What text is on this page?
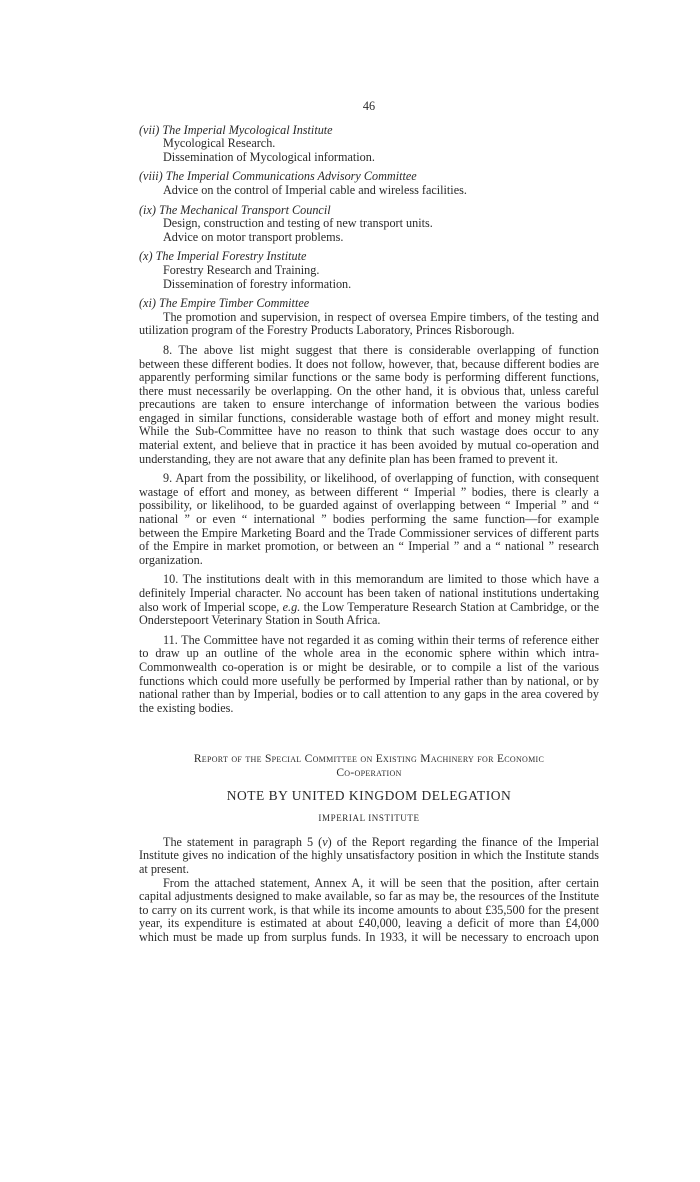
46
(vii) The Imperial Mycological Institute
Mycological Research.
Dissemination of Mycological information.
(viii) The Imperial Communications Advisory Committee
Advice on the control of Imperial cable and wireless facilities.
(ix) The Mechanical Transport Council
Design, construction and testing of new transport units.
Advice on motor transport problems.
(x) The Imperial Forestry Institute
Forestry Research and Training.
Dissemination of forestry information.
(xi) The Empire Timber Committee
The promotion and supervision, in respect of oversea Empire timbers, of the testing and utilization program of the Forestry Products Laboratory, Princes Risborough.

8. The above list might suggest that there is considerable overlapping of function between these different bodies. It does not follow, however, that, because different bodies are apparently performing similar functions or the same body is performing different functions, there must necessarily be overlapping. On the other hand, it is obvious that, unless careful precautions are taken to ensure interchange of information between the various bodies engaged in similar functions, considerable wastage both of effort and money might result. While the Sub-Committee have no reason to think that such wastage does occur to any material extent, and believe that in practice it has been avoided by mutual co-operation and understanding, they are not aware that any definite plan has been framed to prevent it.

9. Apart from the possibility, or likelihood, of overlapping of function, with consequent wastage of effort and money, as between different “ Imperial ” bodies, there is clearly a possibility, or likelihood, to be guarded against of overlapping between “ Imperial ” and “ national ” or even “ international ” bodies performing the same function—for example between the Empire Marketing Board and the Trade Commissioner services of different parts of the Empire in market promotion, or between an “ Imperial ” and a “ national ” research organization.

10. The institutions dealt with in this memorandum are limited to those which have a definitely Imperial character. No account has been taken of national institutions undertaking also work of Imperial scope, e.g. the Low Temperature Research Station at Cambridge, or the Onderstepoort Veterinary Station in South Africa.

11. The Committee have not regarded it as coming within their terms of reference either to draw up an outline of the whole area in the economic sphere within which intra-Commonwealth co-operation is or might be desirable, or to compile a list of the various functions which could more usefully be performed by Imperial rather than by national, or by national rather than by Imperial, bodies or to call attention to any gaps in the area covered by the existing bodies.

Report of the Special Committee on Existing Machinery for Economic
Co-operation
NOTE BY UNITED KINGDOM DELEGATION
IMPERIAL INSTITUTE

The statement in paragraph 5 (v) of the Report regarding the finance of the Imperial Institute gives no indication of the highly unsatisfactory position in which the Institute stands at present.

From the attached statement, Annex A, it will be seen that the position, after certain capital adjustments designed to make available, so far as may be, the resources of the Institute to carry on its current work, is that while its income amounts to about £35,500 for the present year, its expenditure is estimated at about £40,000, leaving a deficit of more than £4,000 which must be made up from surplus funds. In 1933, it will be necessary to encroach upon
